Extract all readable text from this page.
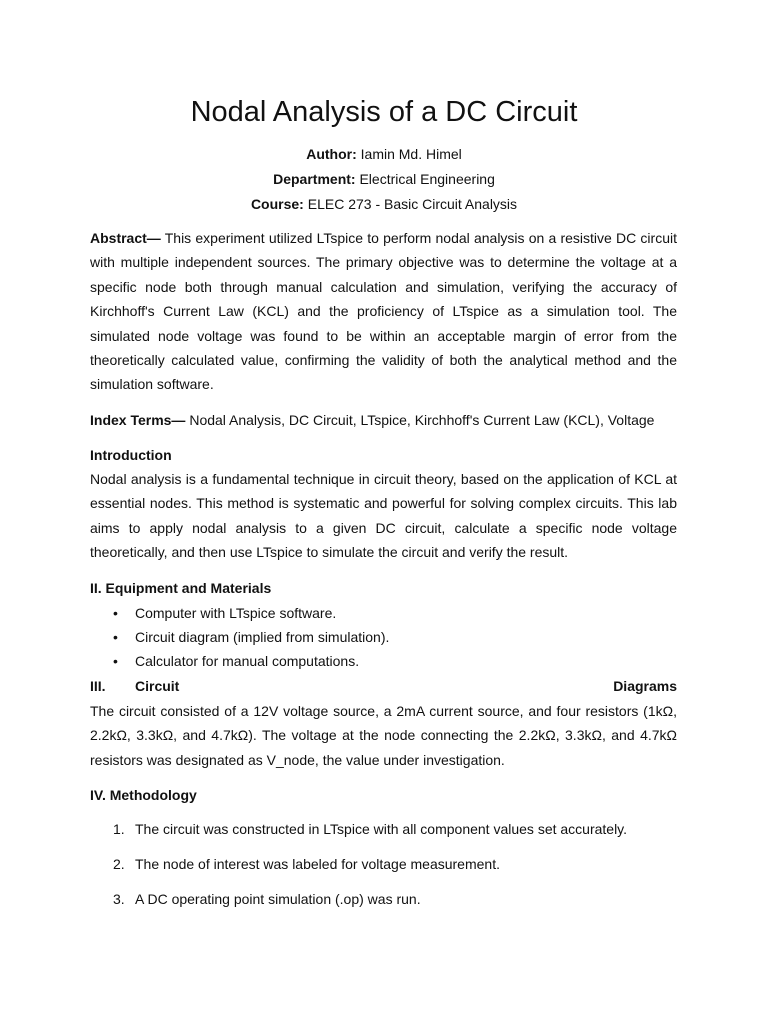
Nodal Analysis of a DC Circuit
Author: Iamin Md. Himel
Department: Electrical Engineering
Course: ELEC 273 - Basic Circuit Analysis

Abstract— This experiment utilized LTspice to perform nodal analysis on a resistive DC circuit with multiple independent sources. The primary objective was to determine the voltage at a specific node both through manual calculation and simulation, verifying the accuracy of Kirchhoff's Current Law (KCL) and the proficiency of LTspice as a simulation tool. The simulated node voltage was found to be within an acceptable margin of error from the theoretically calculated value, confirming the validity of both the analytical method and the simulation software.

Index Terms— Nodal Analysis, DC Circuit, LTspice, Kirchhoff's Current Law (KCL), Voltage

Introduction

Nodal analysis is a fundamental technique in circuit theory, based on the application of KCL at essential nodes. This method is systematic and powerful for solving complex circuits. This lab aims to apply nodal analysis to a given DC circuit, calculate a specific node voltage theoretically, and then use LTspice to simulate the circuit and verify the result.

II. Equipment and Materials
• Computer with LTspice software.
• Circuit diagram (implied from simulation).
• Calculator for manual computations.
III. Circuit	Diagrams

The circuit consisted of a 12V voltage source, a 2mA current source, and four resistors (1kΩ, 2.2kΩ, 3.3kΩ, and 4.7kΩ). The voltage at the node connecting the 2.2kΩ, 3.3kΩ, and 4.7kΩ resistors was designated as V_node, the value under investigation.

IV. Methodology
1. The circuit was constructed in LTspice with all component values set accurately.
2. The node of interest was labeled for voltage measurement.
3. A DC operating point simulation (.op) was run.
